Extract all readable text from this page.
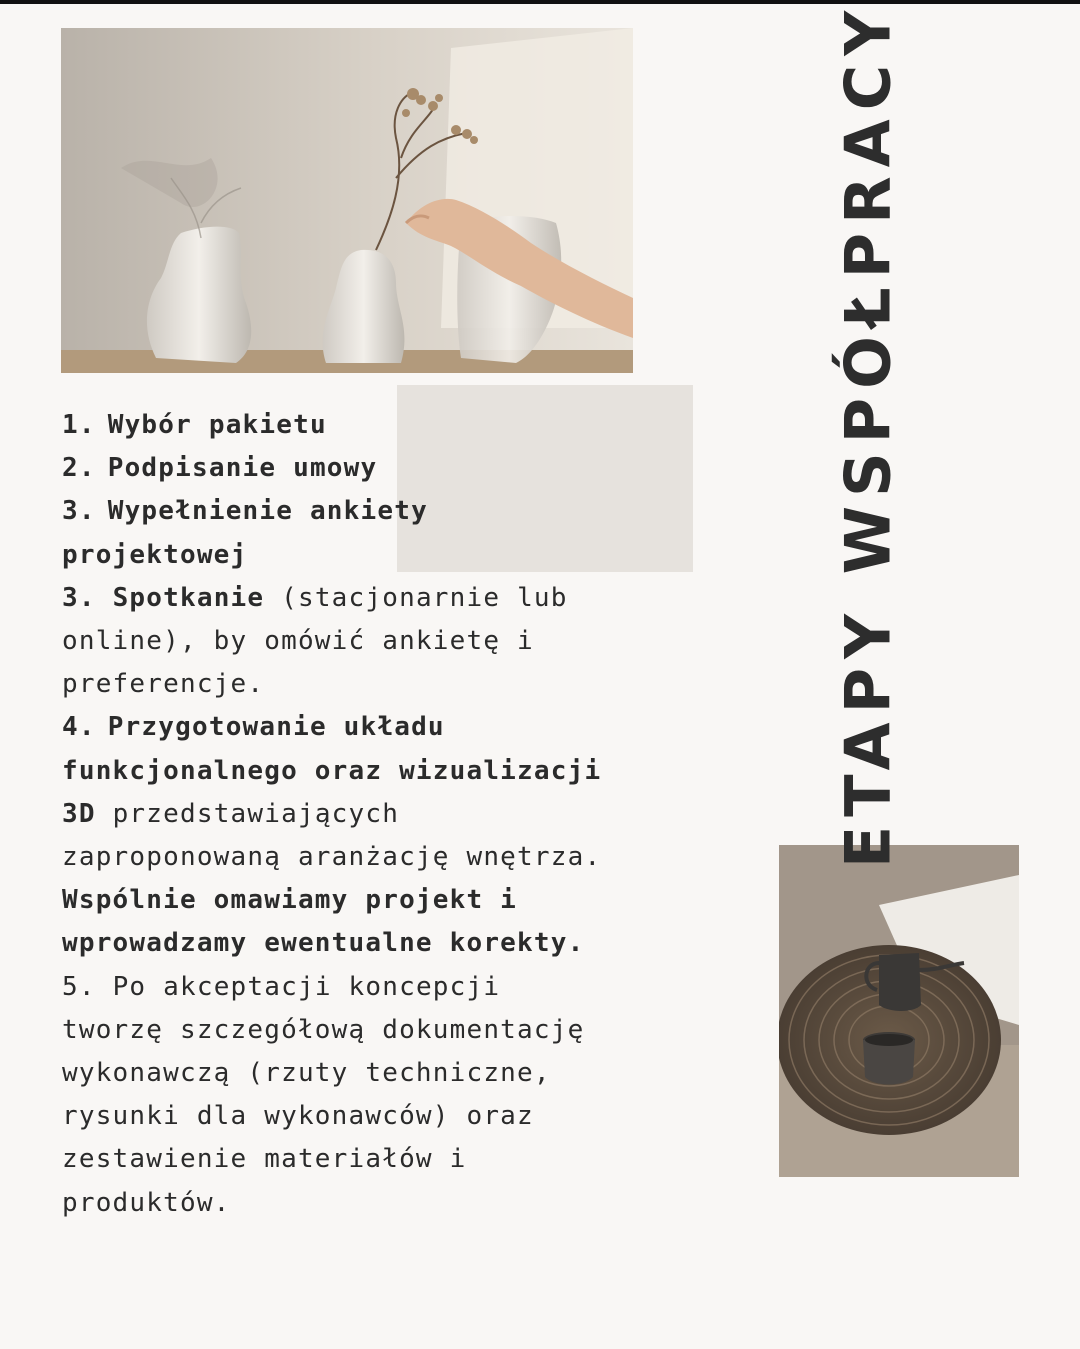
ETAPY WSPÓŁPRACY

1. Wybór pakietu

2. Podpisanie umowy

3. Wypełnienie ankiety projektowej

3. Spotkanie (stacjonarnie lub online), by omówić ankietę i preferencje.

4. Przygotowanie układu funkcjonalnego oraz wizualizacji 3D przedstawiających zaproponowaną aranżację wnętrza. Wspólnie omawiamy projekt i wprowadzamy ewentualne korekty.

5. Po akceptacji koncepcji tworzę szczegółową dokumentację wykonawczą (rzuty techniczne, rysunki dla wykonawców) oraz zestawienie materiałów i produktów.
